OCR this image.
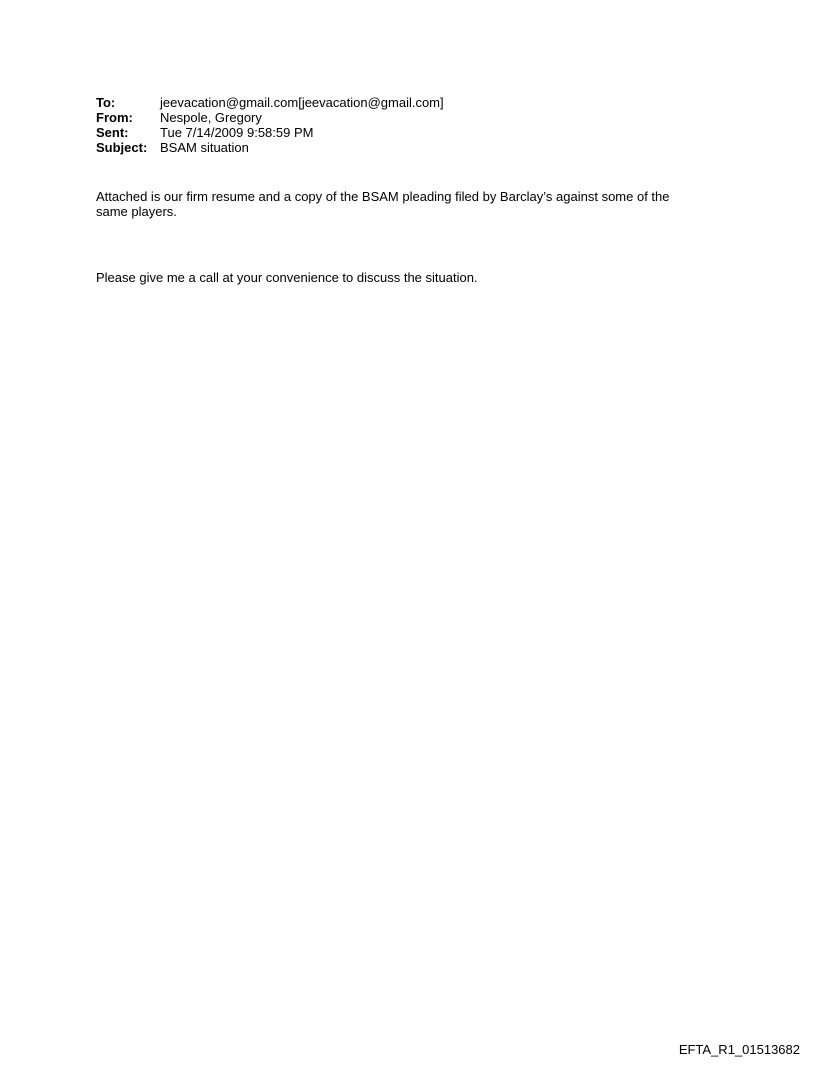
To:	jeevacation@gmail.com[jeevacation@gmail.com]
From:	Nespole, Gregory
Sent:	Tue 7/14/2009 9:58:59 PM
Subject: BSAM situation

Attached is our firm resume and a copy of the BSAM pleading filed by Barclay’s against some of the same players.

Please give me a call at your convenience to discuss the situation.

EFTA_R1_01513682
